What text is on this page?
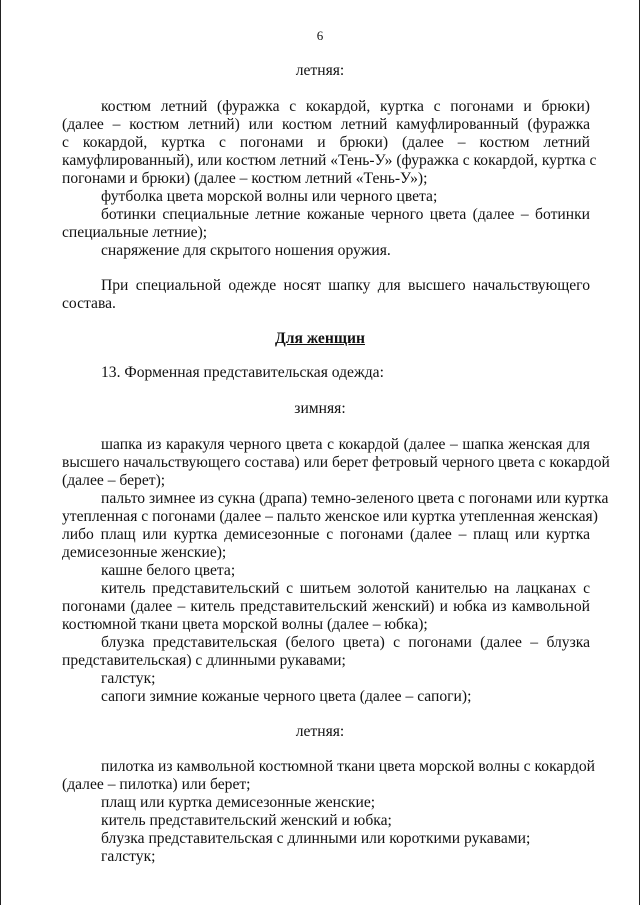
6
летняя:
костюм летний (фуражка с кокардой, куртка с погонами и брюки)
(далее – костюм летний) или костюм летний камуфлированный (фуражка
с кокардой, куртка с погонами и брюки) (далее – костюм летний
камуфлированный), или костюм летний «Тень-У» (фуражка с кокардой, куртка с
погонами и брюки) (далее – костюм летний «Тень-У»);
футболка цвета морской волны или черного цвета;
ботинки специальные летние кожаные черного цвета (далее – ботинки
специальные летние);
снаряжение для скрытого ношения оружия.
При специальной одежде носят шапку для высшего начальствующего
состава.
Для женщин
13. Форменная представительская одежда:
зимняя:
шапка из каракуля черного цвета с кокардой (далее – шапка женская для
высшего начальствующего состава) или берет фетровый черного цвета с кокардой
(далее – берет);
пальто зимнее из сукна (драпа) темно-зеленого цвета с погонами или куртка
утепленная с погонами (далее – пальто женское или куртка утепленная женская)
либо плащ или куртка демисезонные с погонами (далее – плащ или куртка
демисезонные женские);
кашне белого цвета;
китель представительский с шитьем золотой канителью на лацканах с
погонами (далее – китель представительский женский) и юбка из камвольной
костюмной ткани цвета морской волны (далее – юбка);
блузка представительская (белого цвета) с погонами (далее – блузка
представительская) с длинными рукавами;
галстук;
сапоги зимние кожаные черного цвета (далее – сапоги);
летняя:
пилотка из камвольной костюмной ткани цвета морской волны с кокардой
(далее – пилотка) или берет;
плащ или куртка демисезонные женские;
китель представительский женский и юбка;
блузка представительская с длинными или короткими рукавами;
галстук;
